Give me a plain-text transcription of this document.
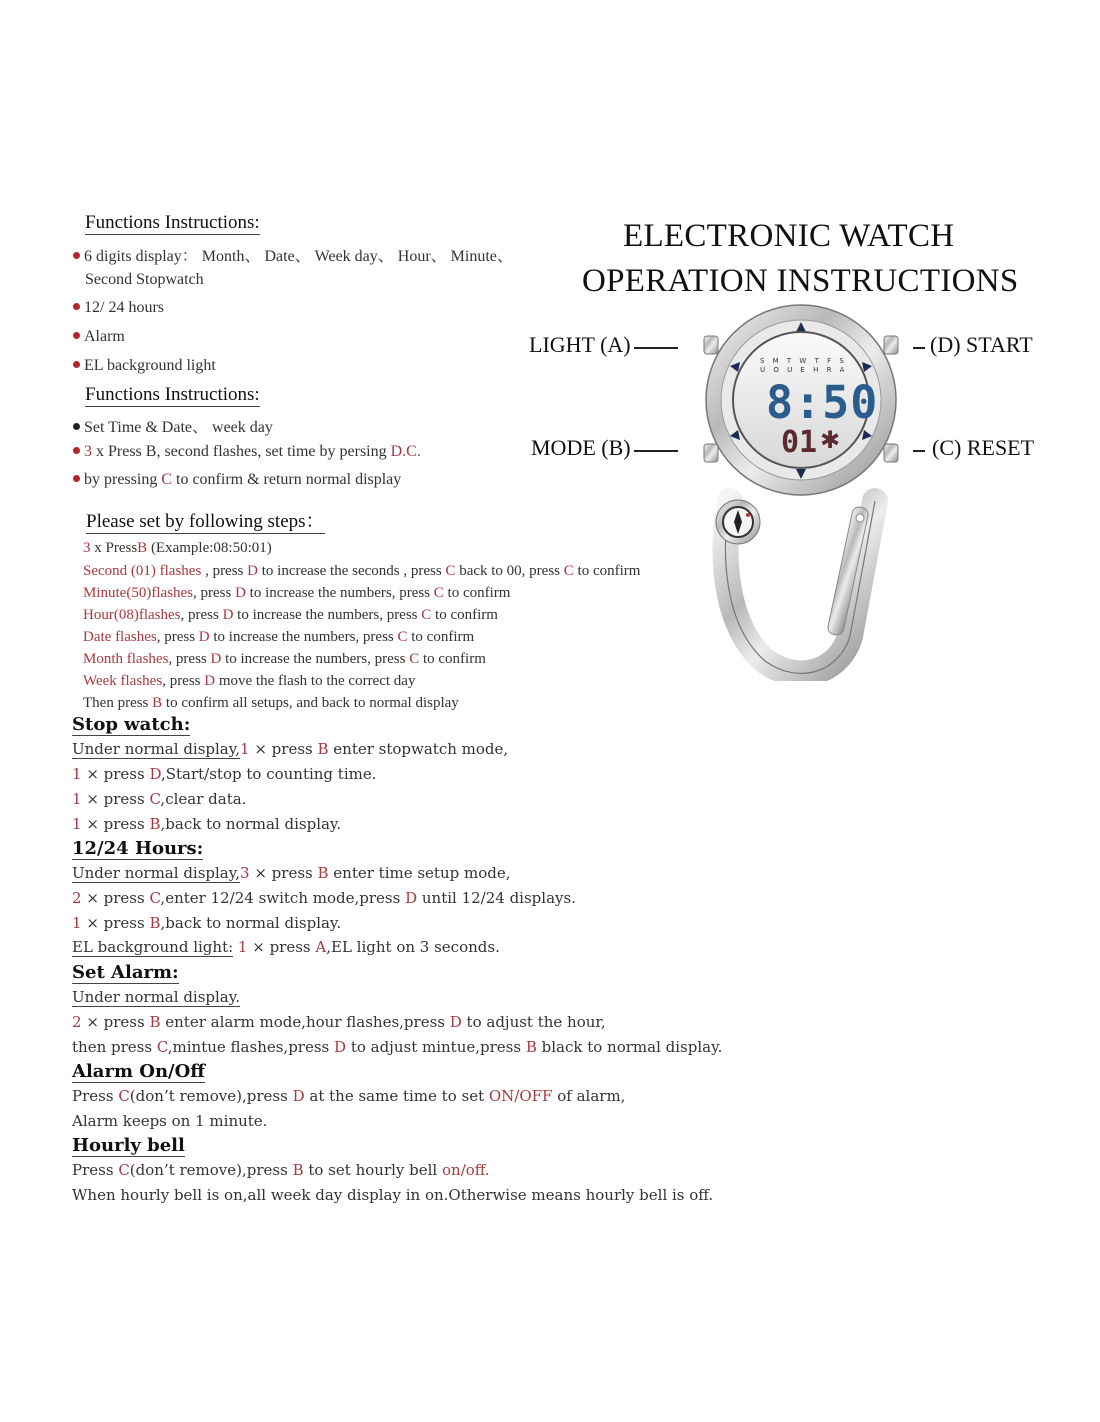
Functions Instructions:
6 digits display： Month、 Date、 Week day、 Hour、 Minute、
Second Stopwatch
12/ 24 hours
Alarm
EL background light
Functions Instructions:
Set Time & Date、 week day
3 x Press B, second flashes, set time by persing D.C.
by pressing C to confirm & return normal display
ELECTRONIC WATCH
OPERATION INSTRUCTIONS
LIGHT (A)	(D) START
MODE (B)	(C) RESET
S M T W T F S
U O U E H R A
8:50
01 ✱
Please set by following steps：
3 x PressB (Example:08:50:01)
Second (01) flashes , press D to increase the seconds , press C back to 00, press C to confirm
Minute(50)flashes, press D to increase the numbers, press C to confirm
Hour(08)flashes, press D to increase the numbers, press C to confirm
Date flashes, press D to increase the numbers, press C to confirm
Month flashes, press D to increase the numbers, press C to confirm
Week flashes, press D move the flash to the correct day
Then press B to confirm all setups, and back to normal display
Stop watch:
Under normal display,1 × press B enter stopwatch mode,
1 × press D,Start/stop to counting time.
1 × press C,clear data.
1 × press B,back to normal display.
12/24 Hours:
Under normal display,3 × press B enter time setup mode,
2 × press C,enter 12/24 switch mode,press D until 12/24 displays.
1 × press B,back to normal display.
EL background light: 1 × press A,EL light on 3 seconds.
Set Alarm:
Under normal display.
2 × press B enter alarm mode,hour flashes,press D to adjust the hour,
then press C,mintue flashes,press D to adjust mintue,press B black to normal display.
Alarm On/Off
Press C(don’t remove),press D at the same time to set ON/OFF of alarm,
Alarm keeps on 1 minute.
Hourly bell
Press C(don’t remove),press B to set hourly bell on/off.
When hourly bell is on,all week day display in on.Otherwise means hourly bell is off.
